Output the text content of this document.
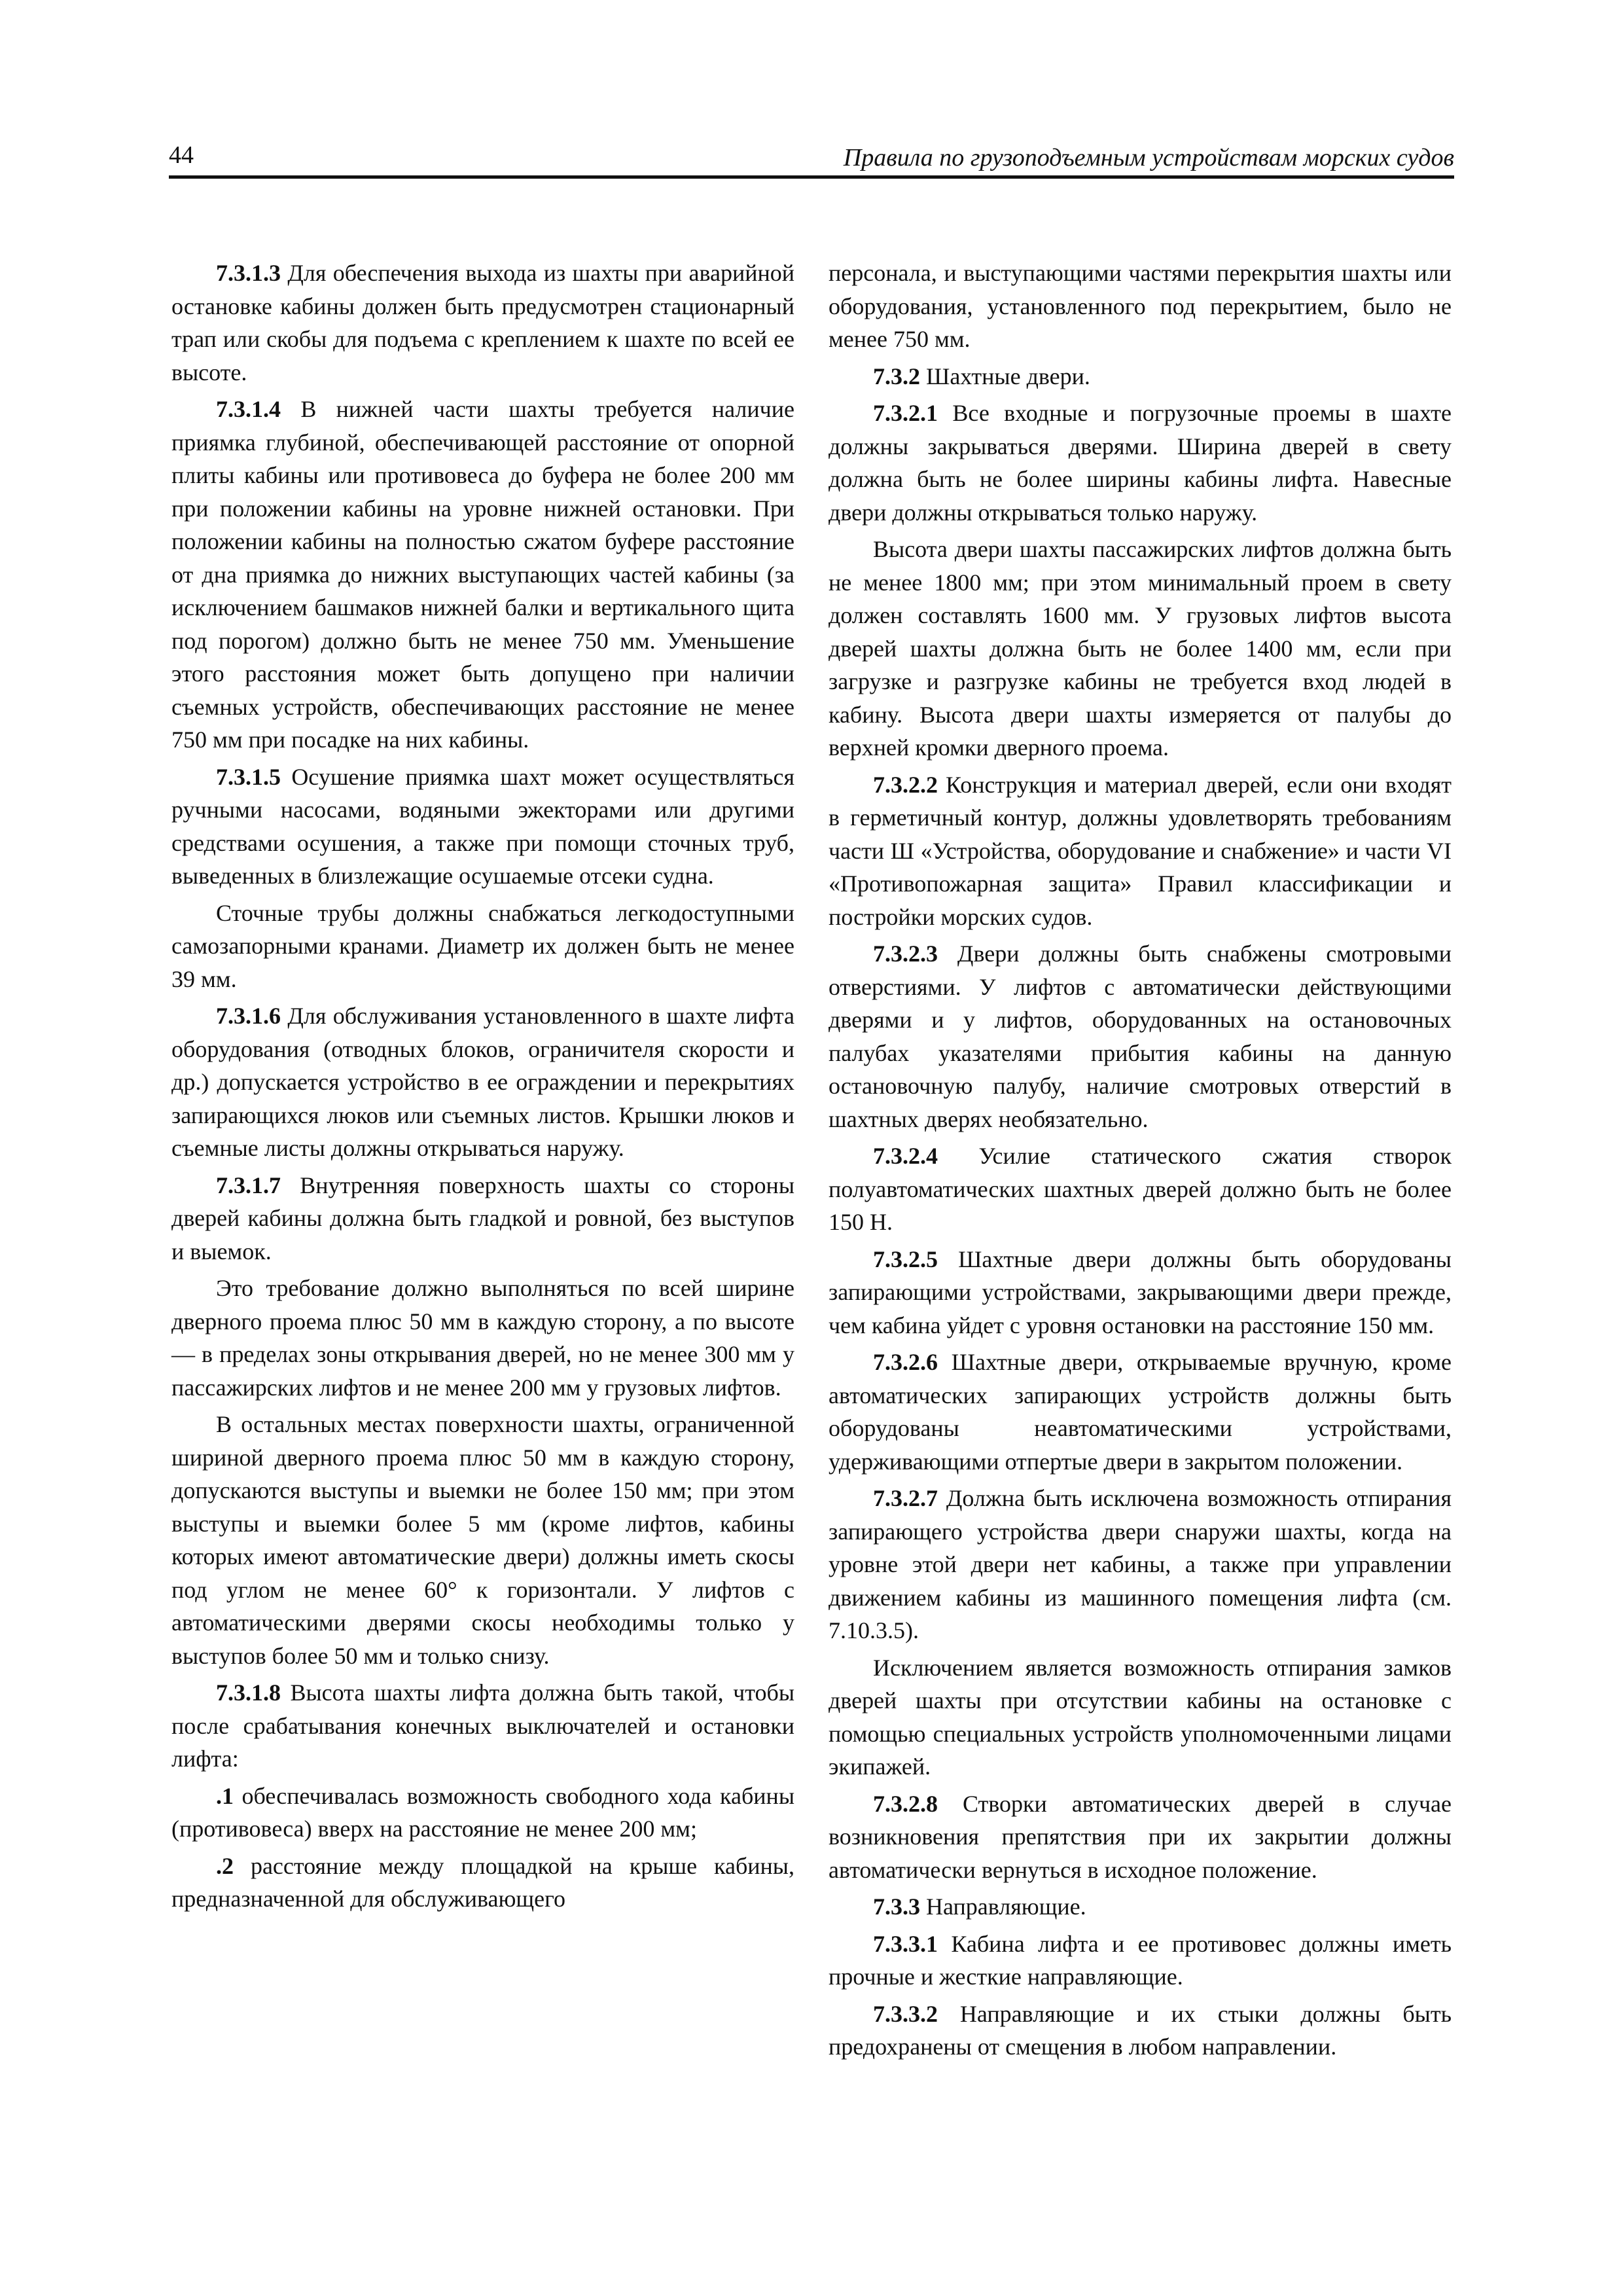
44	Правила по грузоподъемным устройствам морских судов

7.3.1.3 Для обеспечения выхода из шахты при аварийной остановке кабины должен быть предусмотрен стационарный трап или скобы для подъема с креплением к шахте по всей ее высоте.

7.3.1.4 В нижней части шахты требуется наличие приямка глубиной, обеспечивающей расстояние от опорной плиты кабины или противовеса до буфера не более 200 мм при положении кабины на уровне нижней остановки. При положении кабины на полностью сжатом буфере расстояние от дна приямка до нижних выступающих частей кабины (за исключением башмаков нижней балки и вертикального щита под порогом) должно быть не менее 750 мм. Уменьшение этого расстояния может быть допущено при наличии съемных устройств, обеспечивающих расстояние не менее 750 мм при посадке на них кабины.

7.3.1.5 Осушение приямка шахт может осуществляться ручными насосами, водяными эжекторами или другими средствами осушения, а также при помощи сточных труб, выведенных в близлежащие осушаемые отсеки судна.

Сточные трубы должны снабжаться легкодоступными самозапорными кранами. Диаметр их должен быть не менее 39 мм.

7.3.1.6 Для обслуживания установленного в шахте лифта оборудования (отводных блоков, ограничителя скорости и др.) допускается устройство в ее ограждении и перекрытиях запирающихся люков или съемных листов. Крышки люков и съемные листы должны открываться наружу.

7.3.1.7 Внутренняя поверхность шахты со стороны дверей кабины должна быть гладкой и ровной, без выступов и выемок.

Это требование должно выполняться по всей ширине дверного проема плюс 50 мм в каждую сторону, а по высоте — в пределах зоны открывания дверей, но не менее 300 мм у пассажирских лифтов и не менее 200 мм у грузовых лифтов.

В остальных местах поверхности шахты, ограниченной шириной дверного проема плюс 50 мм в каждую сторону, допускаются выступы и выемки не более 150 мм; при этом выступы и выемки более 5 мм (кроме лифтов, кабины которых имеют автоматические двери) должны иметь скосы под углом не менее 60° к горизонтали. У лифтов с автоматическими дверями скосы необходимы только у выступов более 50 мм и только снизу.

7.3.1.8 Высота шахты лифта должна быть такой, чтобы после срабатывания конечных выключателей и остановки лифта:

.1 обеспечивалась возможность свободного хода кабины (противовеса) вверх на расстояние не менее 200 мм;

.2 расстояние между площадкой на крыше кабины, предназначенной для обслуживающего

персонала, и выступающими частями перекрытия шахты или оборудования, установленного под перекрытием, было не менее 750 мм.

7.3.2 Шахтные двери.

7.3.2.1 Все входные и погрузочные проемы в шахте должны закрываться дверями. Ширина дверей в свету должна быть не более ширины кабины лифта. Навесные двери должны открываться только наружу.

Высота двери шахты пассажирских лифтов должна быть не менее 1800 мм; при этом минимальный проем в свету должен составлять 1600 мм. У грузовых лифтов высота дверей шахты должна быть не более 1400 мм, если при загрузке и разгрузке кабины не требуется вход людей в кабину. Высота двери шахты измеряется от палубы до верхней кромки дверного проема.

7.3.2.2 Конструкция и материал дверей, если они входят в герметичный контур, должны удовлетворять требованиям части Ш «Устройства, оборудование и снабжение» и части VI «Противопожарная защита» Правил классификации и постройки морских судов.

7.3.2.3 Двери должны быть снабжены смотровыми отверстиями. У лифтов с автоматически действующими дверями и у лифтов, оборудованных на остановочных палубах указателями прибытия кабины на данную остановочную палубу, наличие смотровых отверстий в шахтных дверях необязательно.

7.3.2.4 Усилие статического сжатия створок полуавтоматических шахтных дверей должно быть не более 150 Н.

7.3.2.5 Шахтные двери должны быть оборудованы запирающими устройствами, закрывающими двери прежде, чем кабина уйдет с уровня остановки на расстояние 150 мм.

7.3.2.6 Шахтные двери, открываемые вручную, кроме автоматических запирающих устройств должны быть оборудованы неавтоматическими устройствами, удерживающими отпертые двери в закрытом положении.

7.3.2.7 Должна быть исключена возможность отпирания запирающего устройства двери снаружи шахты, когда на уровне этой двери нет кабины, а также при управлении движением кабины из машинного помещения лифта (см. 7.10.3.5).

Исключением является возможность отпирания замков дверей шахты при отсутствии кабины на остановке с помощью специальных устройств уполномоченными лицами экипажей.

7.3.2.8 Створки автоматических дверей в случае возникновения препятствия при их закрытии должны автоматически вернуться в исходное положение.

7.3.3 Направляющие.

7.3.3.1 Кабина лифта и ее противовес должны иметь прочные и жесткие направляющие.

7.3.3.2 Направляющие и их стыки должны быть предохранены от смещения в любом направлении.
